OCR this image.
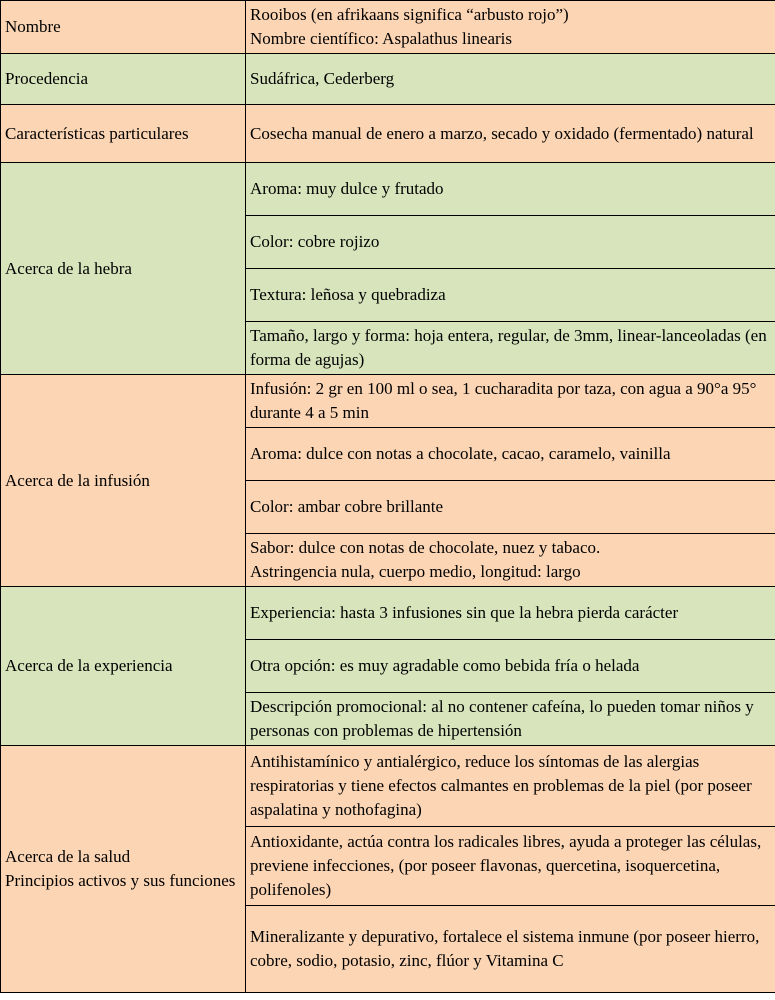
Nombre	Rooibos (en afrikaans significa “arbusto rojo”)
Nombre científico: Aspalathus linearis
Procedencia	Sudáfrica, Cederberg
Características particulares	Cosecha manual de enero a marzo, secado y oxidado (fermentado) natural
Acerca de la hebra	Aroma: muy dulce y frutado
	Color: cobre rojizo
	Textura: leñosa y quebradiza
	Tamaño, largo y forma: hoja entera, regular, de 3mm, linear-lanceoladas (en forma de agujas)
Acerca de la infusión	Infusión: 2 gr en 100 ml o sea, 1 cucharadita por taza, con agua a 90°a 95° durante 4 a 5 min
	Aroma: dulce con notas a chocolate, cacao, caramelo, vainilla
	Color: ambar cobre brillante
	Sabor: dulce con notas de chocolate, nuez y tabaco.
Astringencia nula, cuerpo medio, longitud: largo
Acerca de la experiencia	Experiencia: hasta 3 infusiones sin que la hebra pierda carácter
	Otra opción: es muy agradable como bebida fría o helada
	Descripción promocional: al no contener cafeína, lo pueden tomar niños y personas con problemas de hipertensión
Acerca de la salud
Principios activos y sus funciones	Antihistamínico y antialérgico, reduce los síntomas de las alergias respiratorias y tiene efectos calmantes en problemas de la piel (por poseer aspalatina y nothofagina)
	Antioxidante, actúa contra los radicales libres, ayuda a proteger las células, previene infecciones, (por poseer flavonas, quercetina, isoquercetina, polifenoles)
	Mineralizante y depurativo, fortalece el sistema inmune (por poseer hierro, cobre, sodio, potasio, zinc, flúor y Vitamina C
